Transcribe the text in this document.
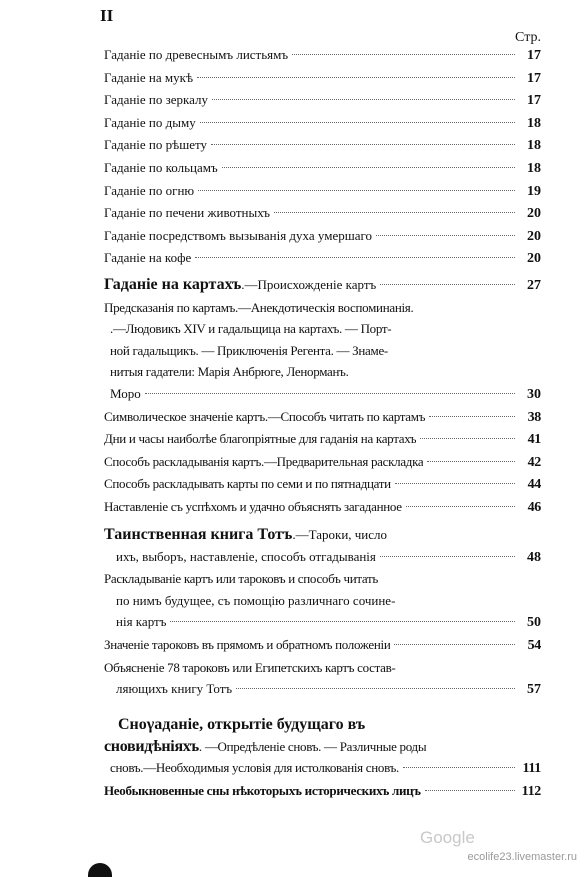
II
Стр.
Гаданіе по древеснымъ листьямъ	17
Гаданіе на мукѣ	17
Гаданіе по зеркалу	17
Гаданіе по дыму	18
Гаданіе по рѣшету	18
Гаданіе по кольцамъ	18
Гаданіе по огню	19
Гаданіе по печени животныхъ	20
Гаданіе посредствомъ вызыванія духа умершаго	20
Гаданіе на кофе	20
Гаданіе на картахъ.—Происхожденіе картъ	27
Предсказанія по картамъ.—Анекдотическія воспоминанія.
.—Людовикъ XIV и гадальщица на картахъ. — Порт-
ной гадальщикъ. — Приключенія Регента. — Знаме-
нитыя гадатели: Марія Анбрюге, Ленорманъ.
Моро	30
Символическое значеніе картъ.—Способъ читать по картамъ	38
Дни и часы наиболѣе благопріятные для гаданія на картахъ	41
Способъ раскладыванія картъ.—Предварительная раскладка	42
Способъ раскладывать карты по семи и по пятнадцати	44
Наставленіе съ успѣхомъ и удачно объяснять загаданное	46
Таинственная книга Тотъ.—Тароки, число
ихъ, выборъ, наставленіе, способъ отгадыванія	48
Раскладываніе картъ или тароковъ и способъ читать
по нимъ будущее, съ помощію различнаго сочине-
нія картъ	50
Значеніе тароковъ въ прямомъ и обратномъ положеніи	54
Объясненіе 78 тароковъ или Египетскихъ картъ состав-
ляющихъ книгу Тотъ	57
Снογаданіе, открытіе будущаго въ
сновидѣніяхъ. —Опредѣленіе сновъ. — Различные роды
сновъ.—Необходимыя условія для истолкованія сновъ.	111
Необыкновенные сны нѣкоторыхъ историческихъ лицъ	112
Google
ecolife23.livemaster.ru
